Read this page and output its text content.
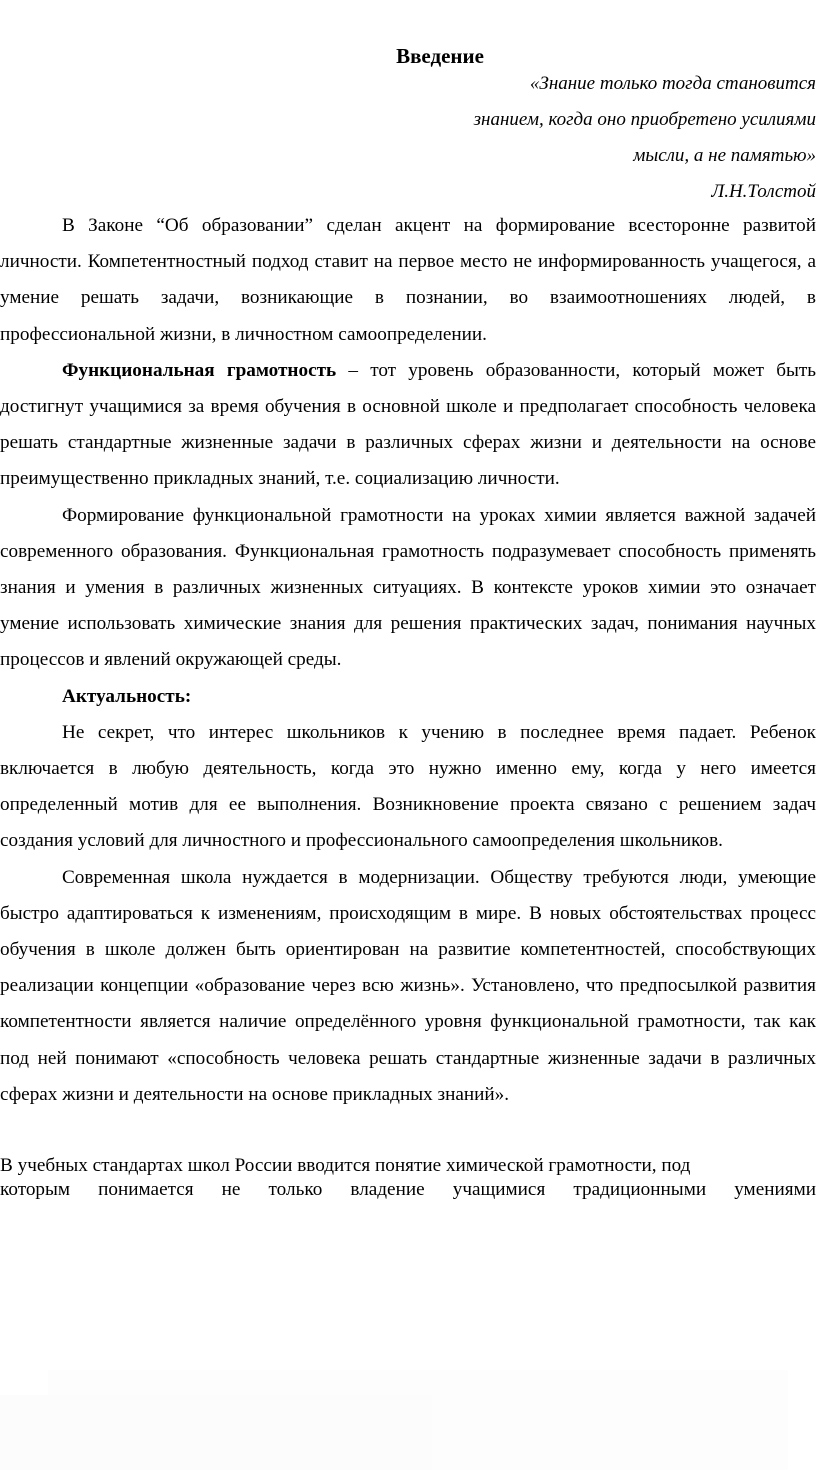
Введение
«Знание только тогда становится
знанием, когда оно приобретено усилиями
мысли, а не памятью»
Л.Н.Толстой

В Законе “Об образовании” сделан акцент на формирование всесторонне развитой личности. Компетентностный подход ставит на первое место не информированность учащегося, а умение решать задачи, возникающие в познании, во взаимоотношениях людей, в профессиональной жизни, в личностном самоопределении.

Функциональная грамотность – тот уровень образованности, который может быть достигнут учащимися за время обучения в основной школе и предполагает способность человека решать стандартные жизненные задачи в различных сферах жизни и деятельности на основе преимущественно прикладных знаний, т.е. социализацию личности.

Формирование функциональной грамотности на уроках химии является важной задачей современного образования. Функциональная грамотность подразумевает способность применять знания и умения в различных жизненных ситуациях. В контексте уроков химии это означает умение использовать химические знания для решения практических задач, понимания научных процессов и явлений окружающей среды.

Актуальность:

Не секрет, что интерес школьников к учению в последнее время падает. Ребенок включается в любую деятельность, когда это нужно именно ему, когда у него имеется определенный мотив для ее выполнения. Возникновение проекта связано с решением задач создания условий для личностного и профессионального самоопределения школьников.

Современная школа нуждается в модернизации. Обществу требуются люди, умеющие быстро адаптироваться к изменениям, происходящим в мире. В новых обстоятельствах процесс обучения в школе должен быть ориентирован на развитие компетентностей, способствующих реализации концепции «образование через всю жизнь». Установлено, что предпосылкой развития компетентности является наличие определённого уровня функциональной грамотности, так как под ней понимают «способность человека решать стандартные жизненные задачи в различных сферах жизни и деятельности на основе прикладных знаний».

В учебных стандартах школ России вводится понятие химической грамотности, под

которым понимается не только владение учащимися традиционными умениями
